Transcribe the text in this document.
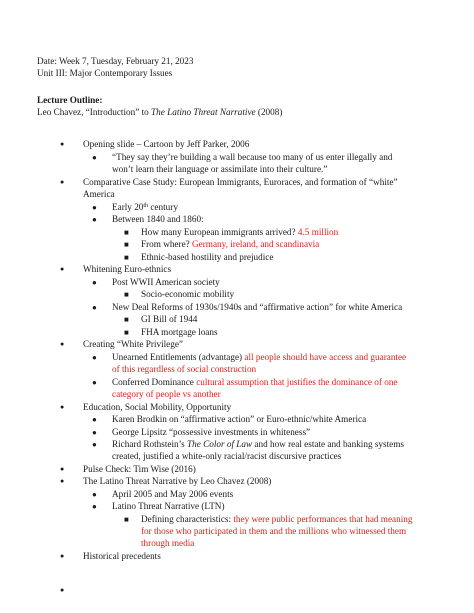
Date: Week 7, Tuesday, February 21, 2023
Unit III: Major Contemporary Issues
Lecture Outline:
Leo Chavez, “Introduction” to The Latino Threat Narrative (2008)
● Opening slide – Cartoon by Jeff Parker, 2006
● “They say they’re building a wall because too many of us enter illegally and
won’t learn their language or assimilate into their culture.”
● Comparative Case Study: European Immigrants, Euroraces, and formation of “white”
America
● Early 20th century
● Between 1840 and 1860:
■ How many European immigrants arrived? 4.5 million
■ From where? Germany, ireland, and scandinavia
■ Ethnic-based hostility and prejudice
● Whitening Euro-ethnics
● Post WWII American society
■ Socio-economic mobility
● New Deal Reforms of 1930s/1940s and “affirmative action” for white America
■ GI Bill of 1944
■ FHA mortgage loans
● Creating “White Privilege”
● Unearned Entitlements (advantage) all people should have access and guarantee
of this regardless of social construction
● Conferred Dominance cultural assumption that justifies the dominance of one
category of people vs another
● Education, Social Mobility, Opportunity
● Karen Brodkin on “affirmative action” or Euro-ethnic/white America
● George Lipsitz “possessive investments in whiteness”
● Richard Rothstein’s The Color of Law and how real estate and banking systems
created, justified a white-only racial/racist discursive practices
● Pulse Check: Tim Wise (2016)
● The Latino Threat Narrative by Leo Chavez (2008)
● April 2005 and May 2006 events
● Latino Threat Narrative (LTN)
■ Defining characteristics: they were public performances that had meaning
for those who participated in them and the millions who witnessed them
through media
● Historical precedents
●
